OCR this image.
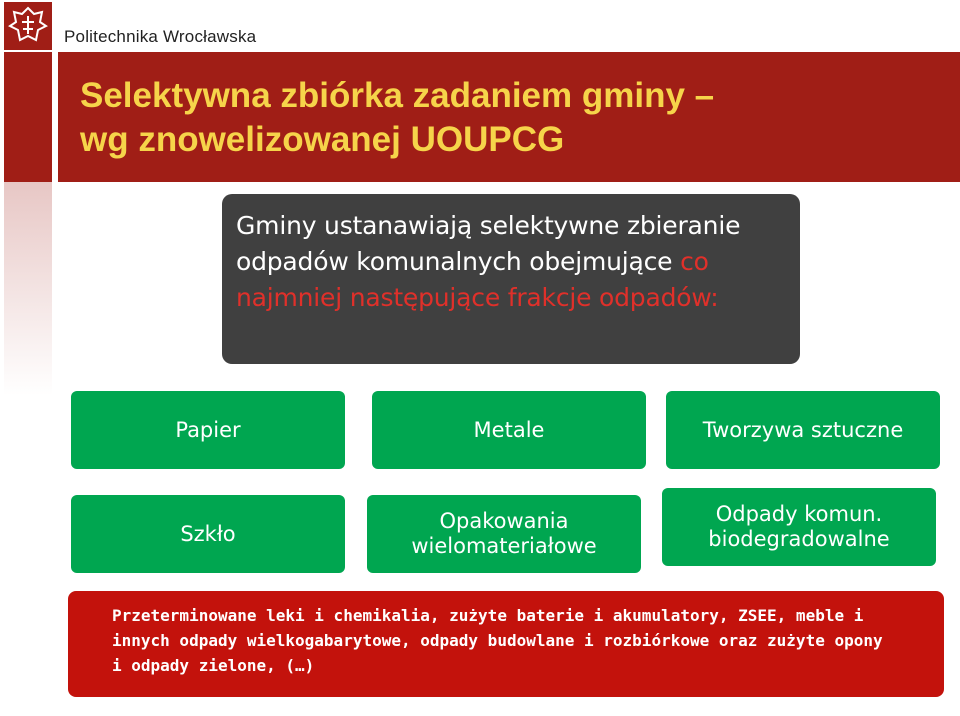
Politechnika Wrocławska
Selektywna zbiórka zadaniem gminy –
wg znowelizowanej UOUPCG

Gminy ustanawiają selektywne zbieranie odpadów komunalnych obejmujące co najmniej następujące frakcje odpadów:

Papier	Metale	Tworzywa sztuczne
Szkło
Opakowania wielomateriałowe
Odpady komun. biodegradowalne
Przeterminowane leki i chemikalia, zużyte baterie i akumulatory, ZSEE, meble i innych odpady wielkogabarytowe, odpady budowlane i rozbiórkowe oraz zużyte opony i odpady zielone, (…)
